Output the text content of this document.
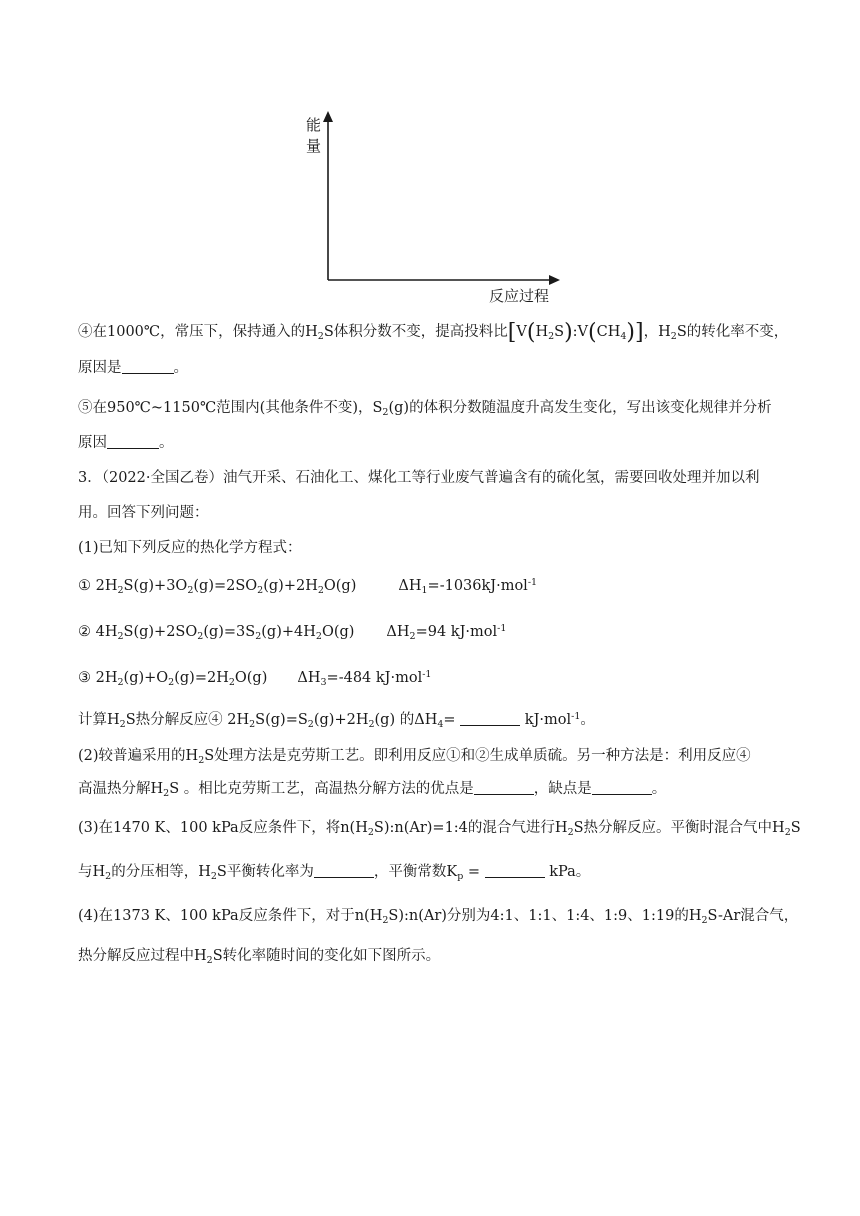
能
量
反应过程
④在1000℃，常压下，保持通入的$H_2S$体积分数不变，提高投料比$[V(H_2S):V(CH_4)]$，$H_2S$的转化率不变，
原因是	。
⑤在950℃~1150℃范围内(其他条件不变)，$S_2(g)$的体积分数随温度升高发生变化，写出该变化规律并分析
原因	。
3．（2022·全国乙卷）油气开采、石油化工、煤化工等行业废气普遍含有的硫化氢，需要回收处理并加以利
用。回答下列问题：
(1)已知下列反应的热化学方程式：
① $2H_2S(g)+3O_2(g)=2SO_2(g)+2H_2O(g)$	$\Delta H_1=-1036kJ\cdot mol^{-1}$
② $4H_2S(g)+2SO_2(g)=3S_2(g)+4H_2O(g)$ $\Delta H_2=94$ kJ·mol$^{-1}$
③ $2H_2(g)+O_2(g)=2H_2O(g)$ $\Delta H_3=-484$ kJ·mol$^{-1}$
计算$H_2S$热分解反应④ $2H_2S(g)=S_2(g)+2H_2(g)$ 的$\Delta H_4=$	kJ·mol$^{-1}$。
(2)较普遍采用的$H_2S$处理方法是克劳斯工艺。即利用反应①和②生成单质硫。另一种方法是：利用反应④
高温热分解$H_2S$ 。相比克劳斯工艺，高温热分解方法的优点是	，缺点是	。
(3)在1470 K、100 kPa反应条件下，将$n(H_2S):n(Ar)=1:4$的混合气进行$H_2S$热分解反应。平衡时混合气中$H_2S$
与$H_2$的分压相等，$H_2S$平衡转化率为	，平衡常数$K_p$ =	kPa。
(4)在1373 K、100 kPa反应条件下，对于$n(H_2S):n(Ar)$分别为4:1、1:1、1:4、1:9、1:19的$H_2S-Ar$混合气，
热分解反应过程中$H_2S$转化率随时间的变化如下图所示。
